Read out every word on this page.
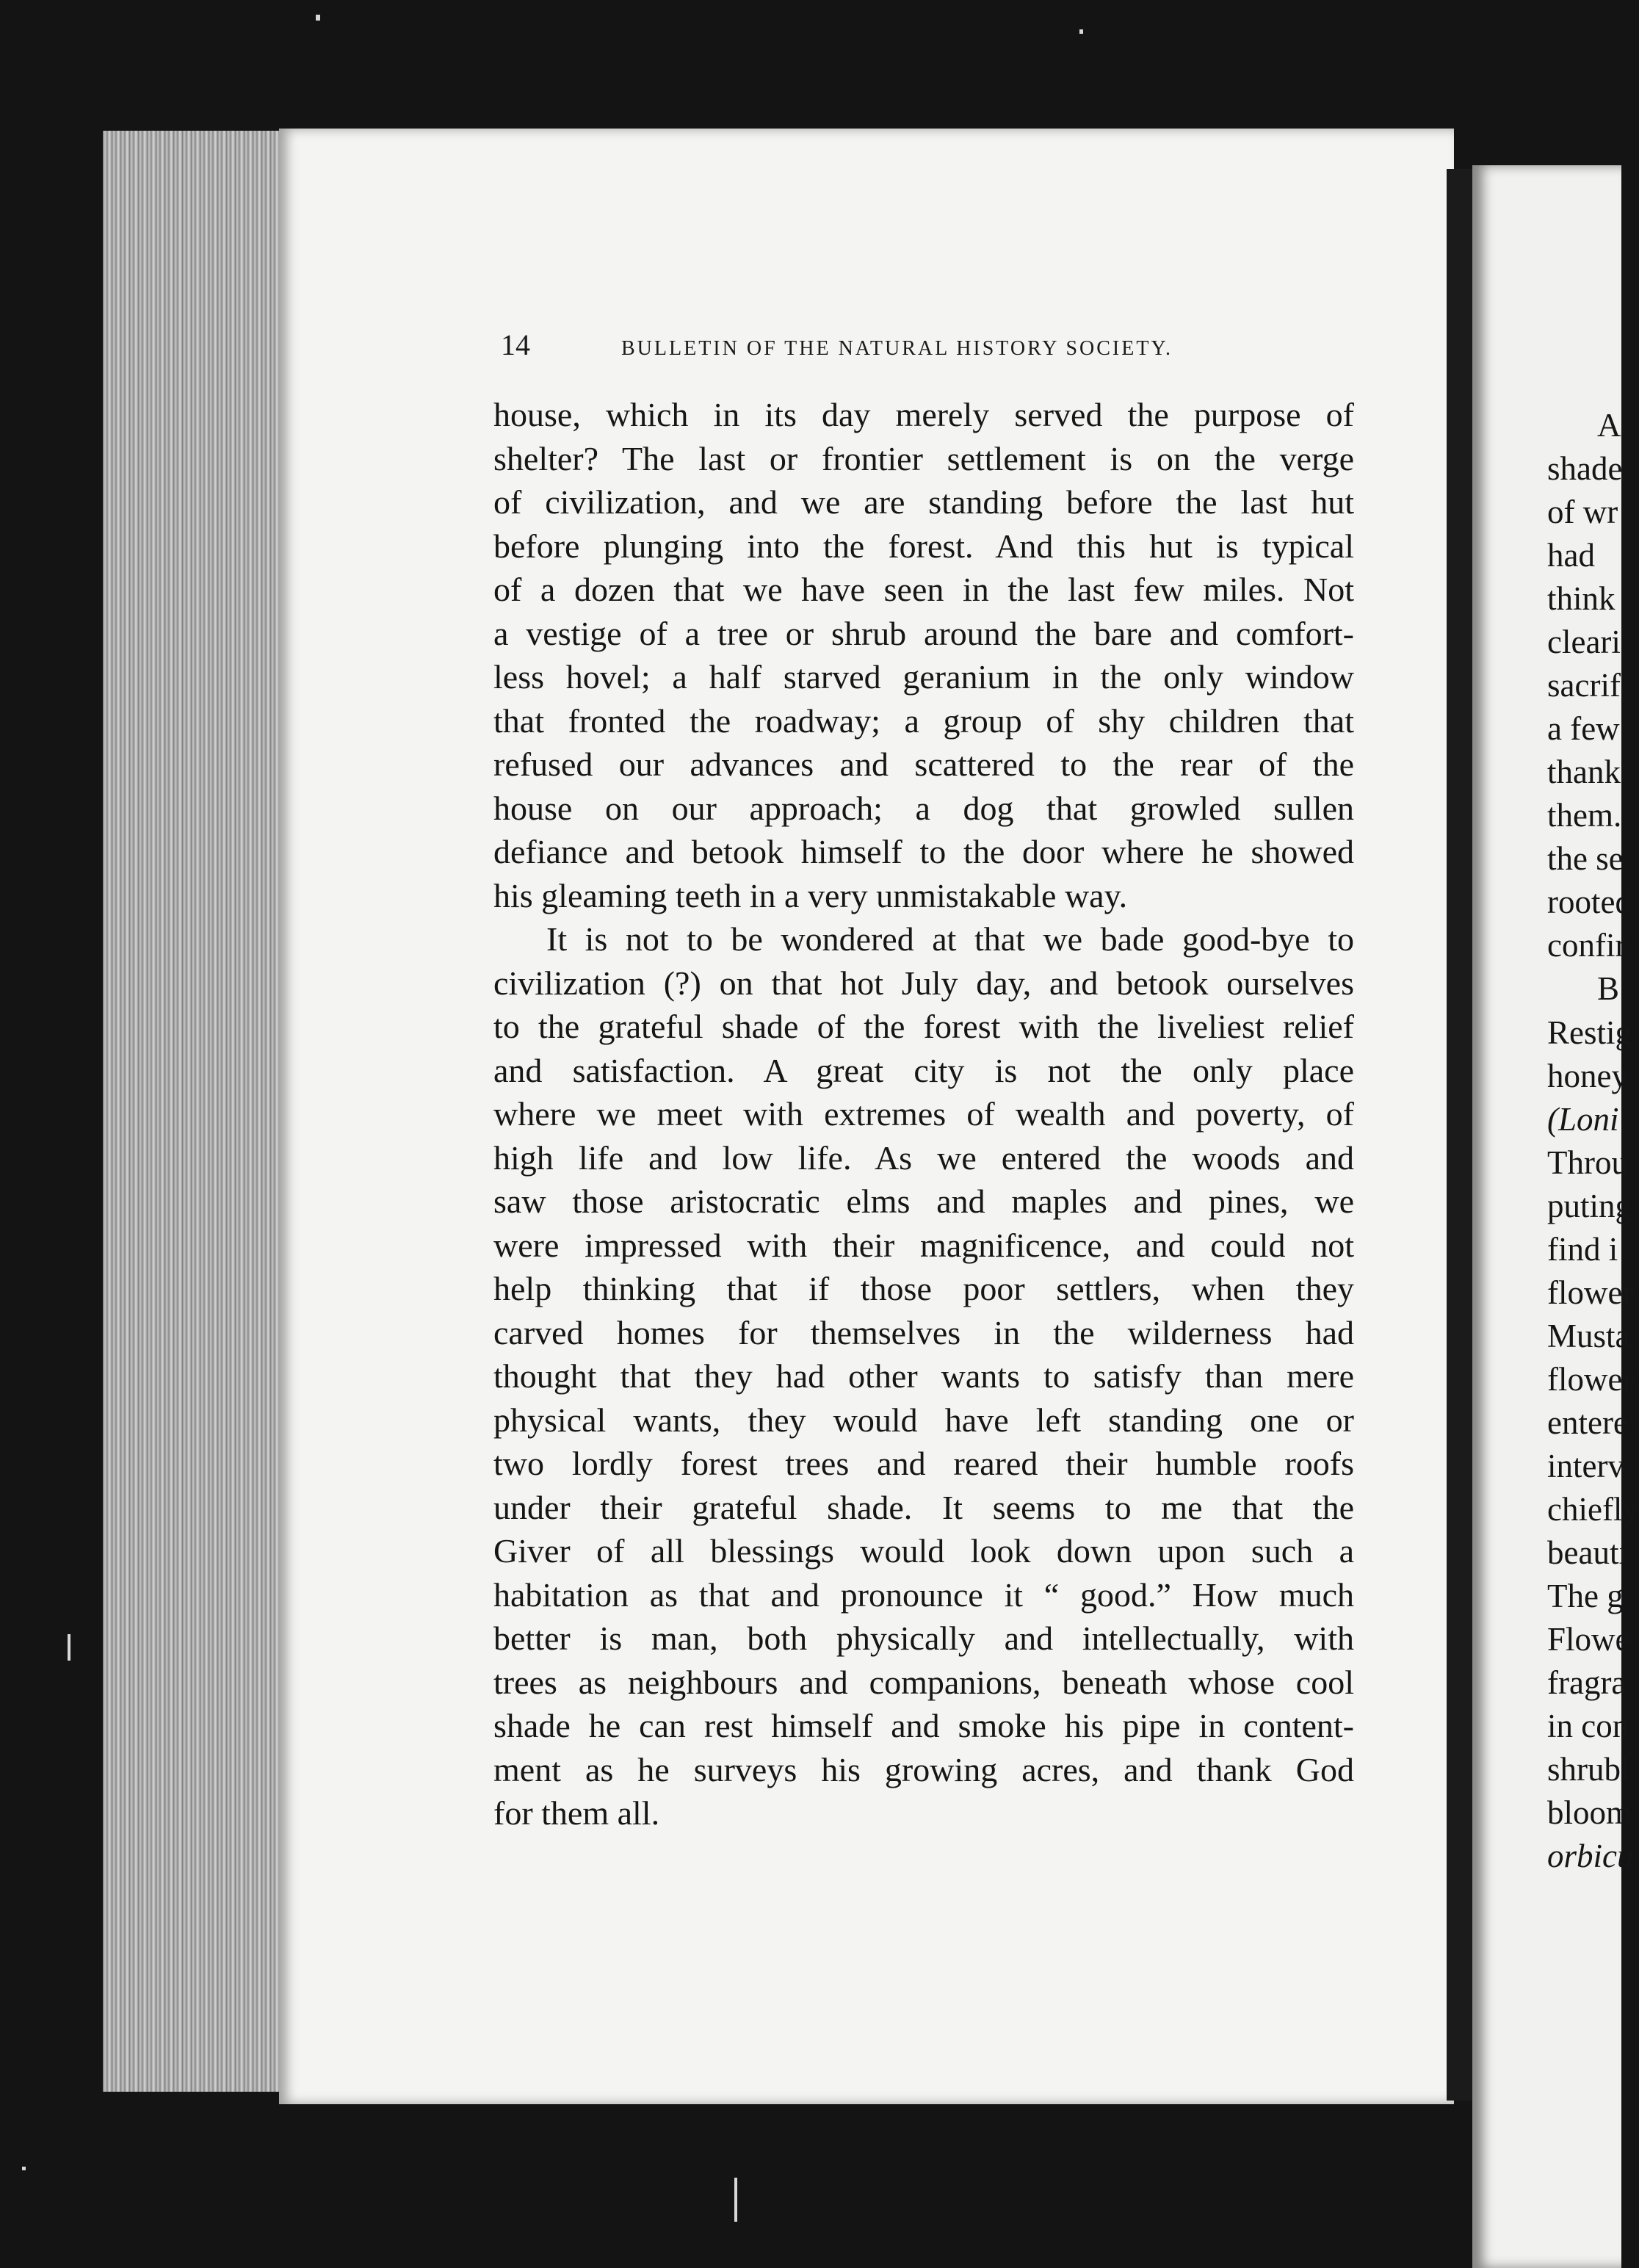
A
shade
of wr
had
think
cleari
sacrif
a few
thank
them.
the se
rooted
confir
B
Restig
honey
(Loni
Throu
puting
find i
flower
Musta
flower
entere
interv
chiefly
beauti
The g
Flowe
fragra
in con
shrubl
bloom
orbicu
14	BULLETIN OF THE NATURAL HISTORY SOCIETY.
house, which in its day merely served the purpose of
shelter? The last or frontier settlement is on the verge
of civilization, and we are standing before the last hut
before plunging into the forest. And this hut is typical
of a dozen that we have seen in the last few miles. Not
a vestige of a tree or shrub around the bare and comfort-
less hovel; a half starved geranium in the only window
that fronted the roadway; a group of shy children that
refused our advances and scattered to the rear of the
house on our approach; a dog that growled sullen
defiance and betook himself to the door where he showed
his gleaming teeth in a very unmistakable way.
It is not to be wondered at that we bade good-bye to
civilization (?) on that hot July day, and betook ourselves
to the grateful shade of the forest with the liveliest relief
and satisfaction. A great city is not the only place
where we meet with extremes of wealth and poverty, of
high life and low life. As we entered the woods and
saw those aristocratic elms and maples and pines, we
were impressed with their magnificence, and could not
help thinking that if those poor settlers, when they
carved homes for themselves in the wilderness had
thought that they had other wants to satisfy than mere
physical wants, they would have left standing one or
two lordly forest trees and reared their humble roofs
under their grateful shade. It seems to me that the
Giver of all blessings would look down upon such a
habitation as that and pronounce it “ good.” How much
better is man, both physically and intellectually, with
trees as neighbours and companions, beneath whose cool
shade he can rest himself and smoke his pipe in content-
ment as he surveys his growing acres, and thank God
for them all.
